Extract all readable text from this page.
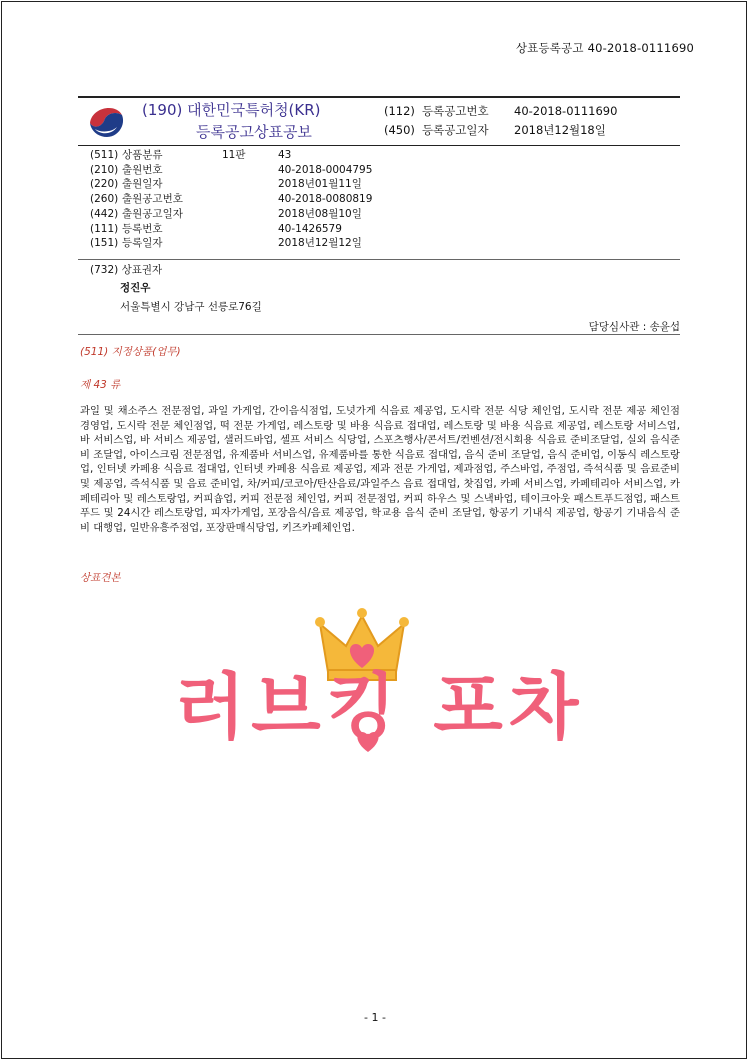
상표등록공고 40-2018-0111690
(190) 대한민국특허청(KR)
등록공고상표공보
(112) 등록공고번호	40-2018-0111690
(450) 등록공고일자	2018년12월18일
(511) 상품분류	11판	43
(210) 출원번호	40-2018-0004795
(220) 출원일자	2018년01월11일
(260) 출원공고번호	40-2018-0080819
(442) 출원공고일자	2018년08월10일
(111) 등록번호	40-1426579
(151) 등록일자	2018년12월12일
(732) 상표권자
정진우
서울특별시 강남구 선릉로76길
담당심사관 : 송윤섭
(511) 지정상품(업무)
제 43 류
과일 및 채소주스 전문점업, 과일 가게업, 간이음식점업, 도넛가게 식음료 제공업, 도시락 전문 식당 체인업, 도시락 전문 제공 체인점 경영업, 도시락 전문 체인점업, 떡 전문 가게업, 레스토랑 및 바용 식음료 접대업, 레스토랑 및 바용 식음료 제공업, 레스토랑 서비스업, 바 서비스업, 바 서비스 제공업, 샐러드바업, 셀프 서비스 식당업, 스포츠행사/콘서트/컨벤션/전시회용 식음료 준비조달업, 실외 음식준비 조달업, 아이스크림 전문점업, 유제품바 서비스업, 유제품바를 통한 식음료 접대업, 음식 준비 조달업, 음식 준비업, 이동식 레스토랑업, 인터넷 카페용 식음료 접대업, 인터넷 카페용 식음료 제공업, 제과 전문 가게업, 제과점업, 주스바업, 주점업, 즉석식품 및 음료준비 및 제공업, 즉석식품 및 음료 준비업, 차/커피/코코아/탄산음료/과일주스 음료 접대업, 찻집업, 카페 서비스업, 카페테리아 서비스업, 카페테리아 및 레스토랑업, 커피숍업, 커피 전문점 체인업, 커피 전문점업, 커피 하우스 및 스낵바업, 테이크아웃 패스트푸드점업, 패스트푸드 및 24시간 레스토랑업, 피자가게업, 포장음식/음료 제공업, 학교용 음식 준비 조달업, 항공기 기내식 제공업, 항공기 기내음식 준비 대행업, 일반유흥주점업, 포장판매식당업, 키즈카페체인업.
상표견본
러브킹 포차
- 1 -
